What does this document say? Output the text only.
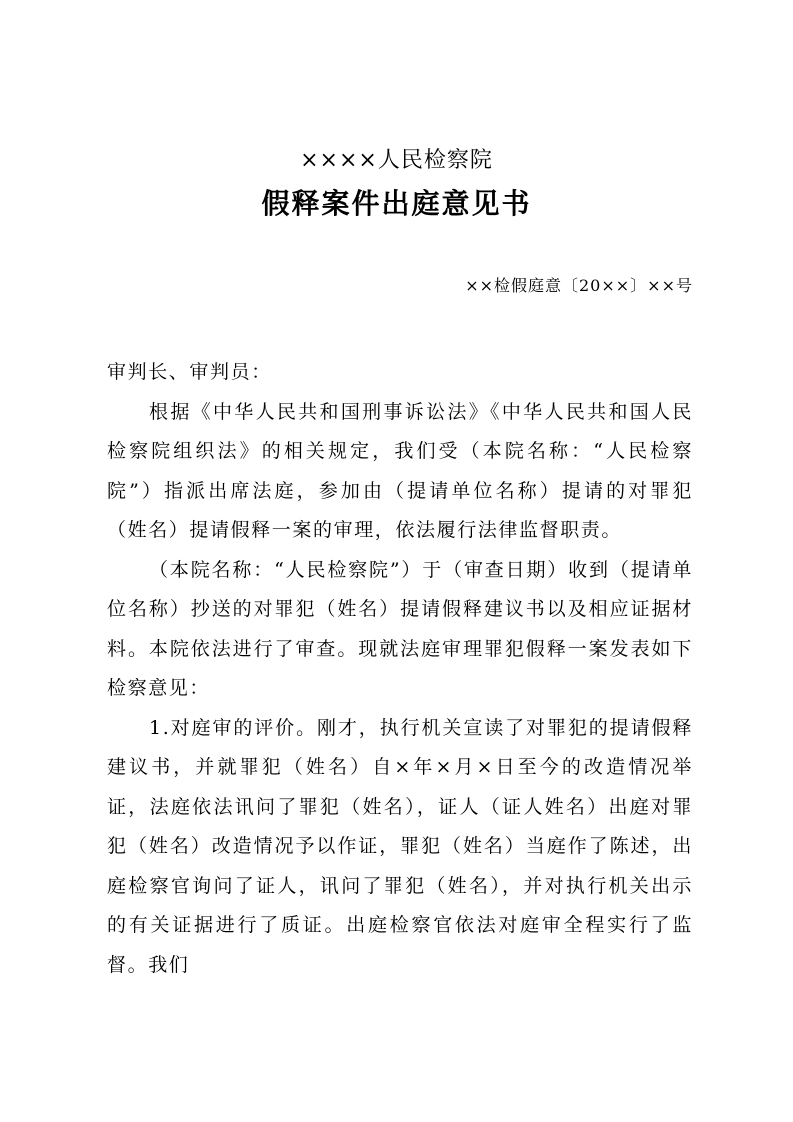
××××人民检察院
假释案件出庭意见书
××检假庭意〔20××〕××号

审判长、审判员：

根据《中华人民共和国刑事诉讼法》《中华人民共和国人民检察院组织法》的相关规定，我们受（本院名称：“人民检察院”）指派出席法庭，参加由（提请单位名称）提请的对罪犯（姓名）提请假释一案的审理，依法履行法律监督职责。

（本院名称：“人民检察院”）于（审查日期）收到（提请单位名称）抄送的对罪犯（姓名）提请假释建议书以及相应证据材料。本院依法进行了审查。现就法庭审理罪犯假释一案发表如下检察意见：

1.对庭审的评价。刚才，执行机关宣读了对罪犯的提请假释建议书，并就罪犯（姓名）自×年×月×日至今的改造情况举证，法庭依法讯问了罪犯（姓名），证人（证人姓名）出庭对罪犯（姓名）改造情况予以作证，罪犯（姓名）当庭作了陈述，出庭检察官询问了证人，讯问了罪犯（姓名），并对执行机关出示的有关证据进行了质证。出庭检察官依法对庭审全程实行了监督。我们
